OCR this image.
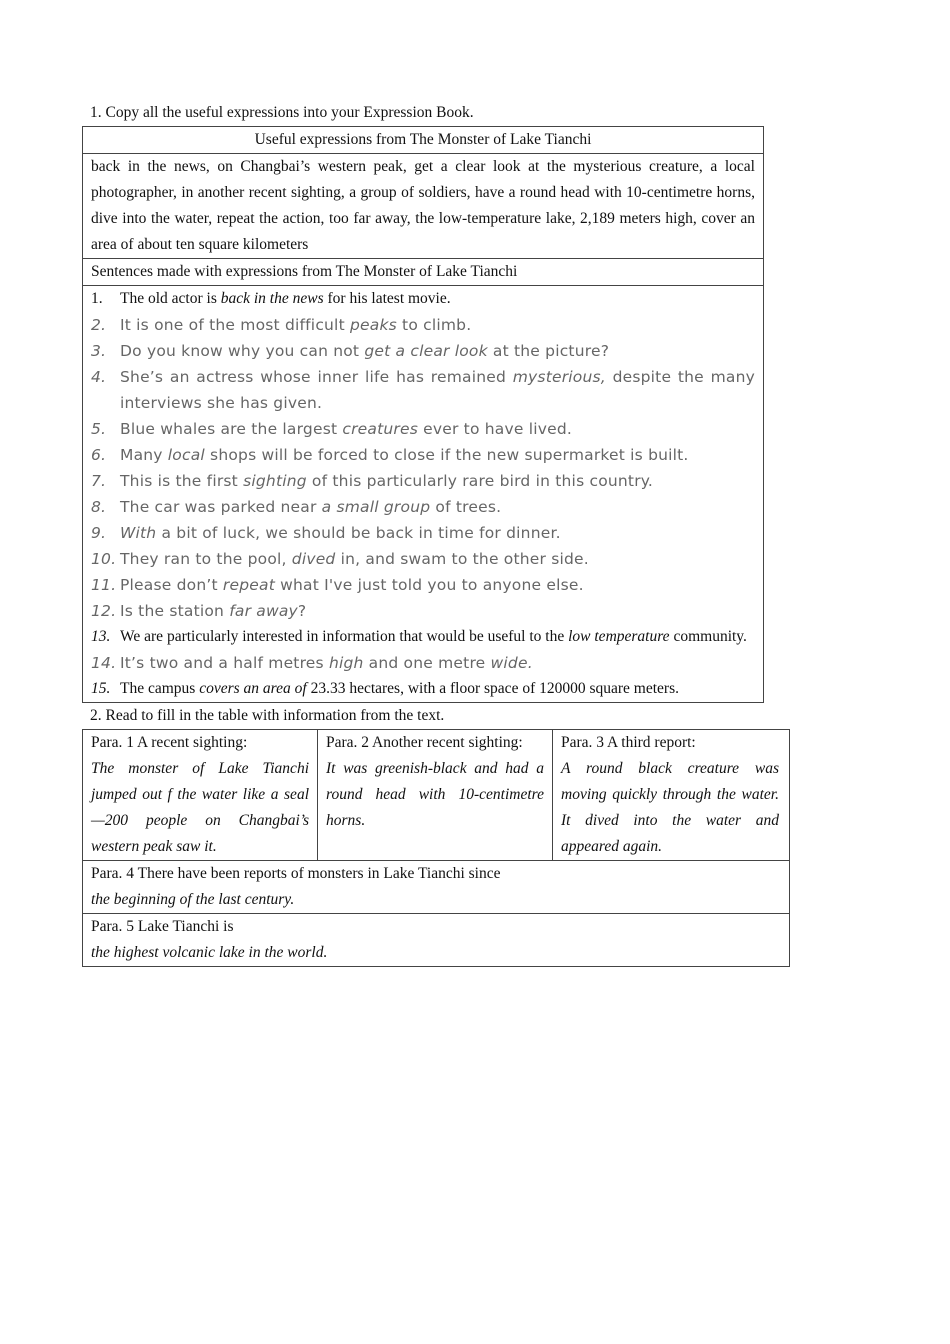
1. Copy all the useful expressions into your Expression Book.
Useful expressions from The Monster of Lake Tianchi
back in the news, on Changbai’s western peak, get a clear look at the mysterious creature, a local photographer, in another recent sighting, a group of soldiers, have a round head with 10-centimetre horns, dive into the water, repeat the action, too far away, the low-temperature lake, 2,189 meters high, cover an area of about ten square kilometers
Sentences made with expressions from The Monster of Lake Tianchi
1.	The old actor is back in the news for his latest movie.
2. It is one of the most difficult peaks to climb.
3. Do you know why you can not get a clear look at the picture?
4. She’s an actress whose inner life has remained mysterious, despite the many interviews she has given.
5. Blue whales are the largest creatures ever to have lived.
6. Many local shops will be forced to close if the new supermarket is built.
7. This is the first sighting of this particularly rare bird in this country.
8. The car was parked near a small group of trees.
9. With a bit of luck, we should be back in time for dinner.
10. They ran to the pool, dived in, and swam to the other side.
11. Please don’t repeat what I've just told you to anyone else.
12. Is the station far away?
13. We are particularly interested in information that would be useful to the low temperature community.
14. It’s two and a half metres high and one metre wide.
15. The campus covers an area of 23.33 hectares, with a floor space of 120000 square meters.
2. Read to fill in the table with information from the text.
Para. 1 A recent sighting:
The monster of Lake Tianchi jumped out f the water like a seal—200 people on Changbai’s western peak saw it.
Para. 2 Another recent sighting:
It was greenish-black and had a round head with 10-centimetre horns.
Para. 3 A third report:
A round black creature was moving quickly through the water. It dived into the water and appeared again.
Para. 4 There have been reports of monsters in Lake Tianchi since
the beginning of the last century.
Para. 5 Lake Tianchi is
the highest volcanic lake in the world.
